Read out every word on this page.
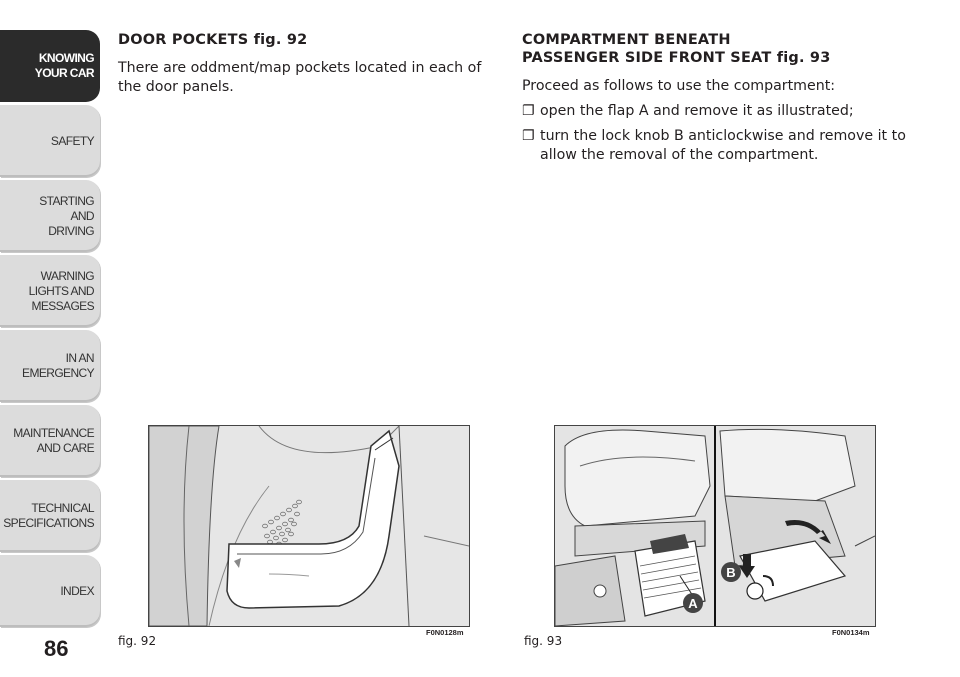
KNOWING
YOUR CAR
SAFETY
STARTING
AND
DRIVING
WARNING
LIGHTS AND
MESSAGES
IN AN
EMERGENCY
MAINTENANCE
AND CARE
TECHNICAL
SPECIFICATIONS
INDEX
86

DOOR POCKETS fig. 92

There are oddment/map pockets located in each of the door panels.

COMPARTMENT BENEATH

PASSENGER SIDE FRONT SEAT fig. 93

Proceed as follows to use the compartment:

❐ open the flap A and remove it as illustrated;
❐ turn the lock knob B anticlockwise and remove it to allow the removal of the compartment.
fig. 92
F0N0128m
A
B
fig. 93
F0N0134m
